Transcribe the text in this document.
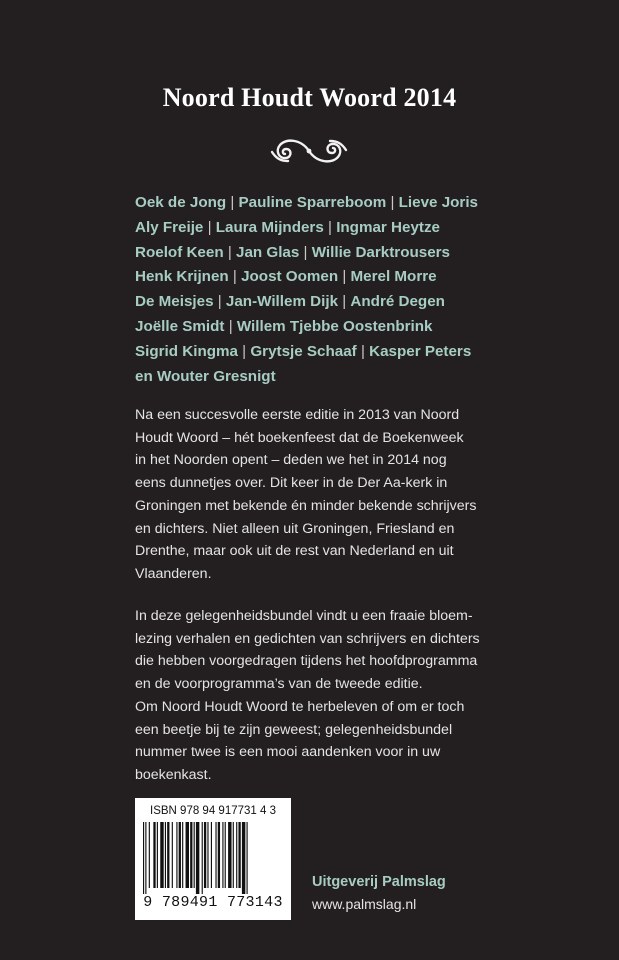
Noord Houdt Woord 2014
Oek de Jong | Pauline Sparreboom | Lieve Joris
Aly Freije | Laura Mijnders | Ingmar Heytze
Roelof Keen | Jan Glas | Willie Darktrousers
Henk Krijnen | Joost Oomen | Merel Morre
De Meisjes | Jan-Willem Dijk | André Degen
Joëlle Smidt | Willem Tjebbe Oostenbrink
Sigrid Kingma | Grytsje Schaaf | Kasper Peters
en Wouter Gresnigt
Na een succesvolle eerste editie in 2013 van Noord
Houdt Woord – hét boekenfeest dat de Boekenweek
in het Noorden opent – deden we het in 2014 nog
eens dunnetjes over. Dit keer in de Der Aa-kerk in
Groningen met bekende én minder bekende schrijvers
en dichters. Niet alleen uit Groningen, Friesland en
Drenthe, maar ook uit de rest van Nederland en uit
Vlaanderen.
In deze gelegenheidsbundel vindt u een fraaie bloem-
lezing verhalen en gedichten van schrijvers en dichters
die hebben voorgedragen tijdens het hoofdprogramma
en de voorprogramma’s van de tweede editie.
Om Noord Houdt Woord te herbeleven of om er toch
een beetje bij te zijn geweest; gelegenheidsbundel
nummer twee is een mooi aandenken voor in uw
boekenkast.
ISBN 978 94 917731 4 3
9 789491 773143
Uitgeverij Palmslag
www.palmslag.nl
